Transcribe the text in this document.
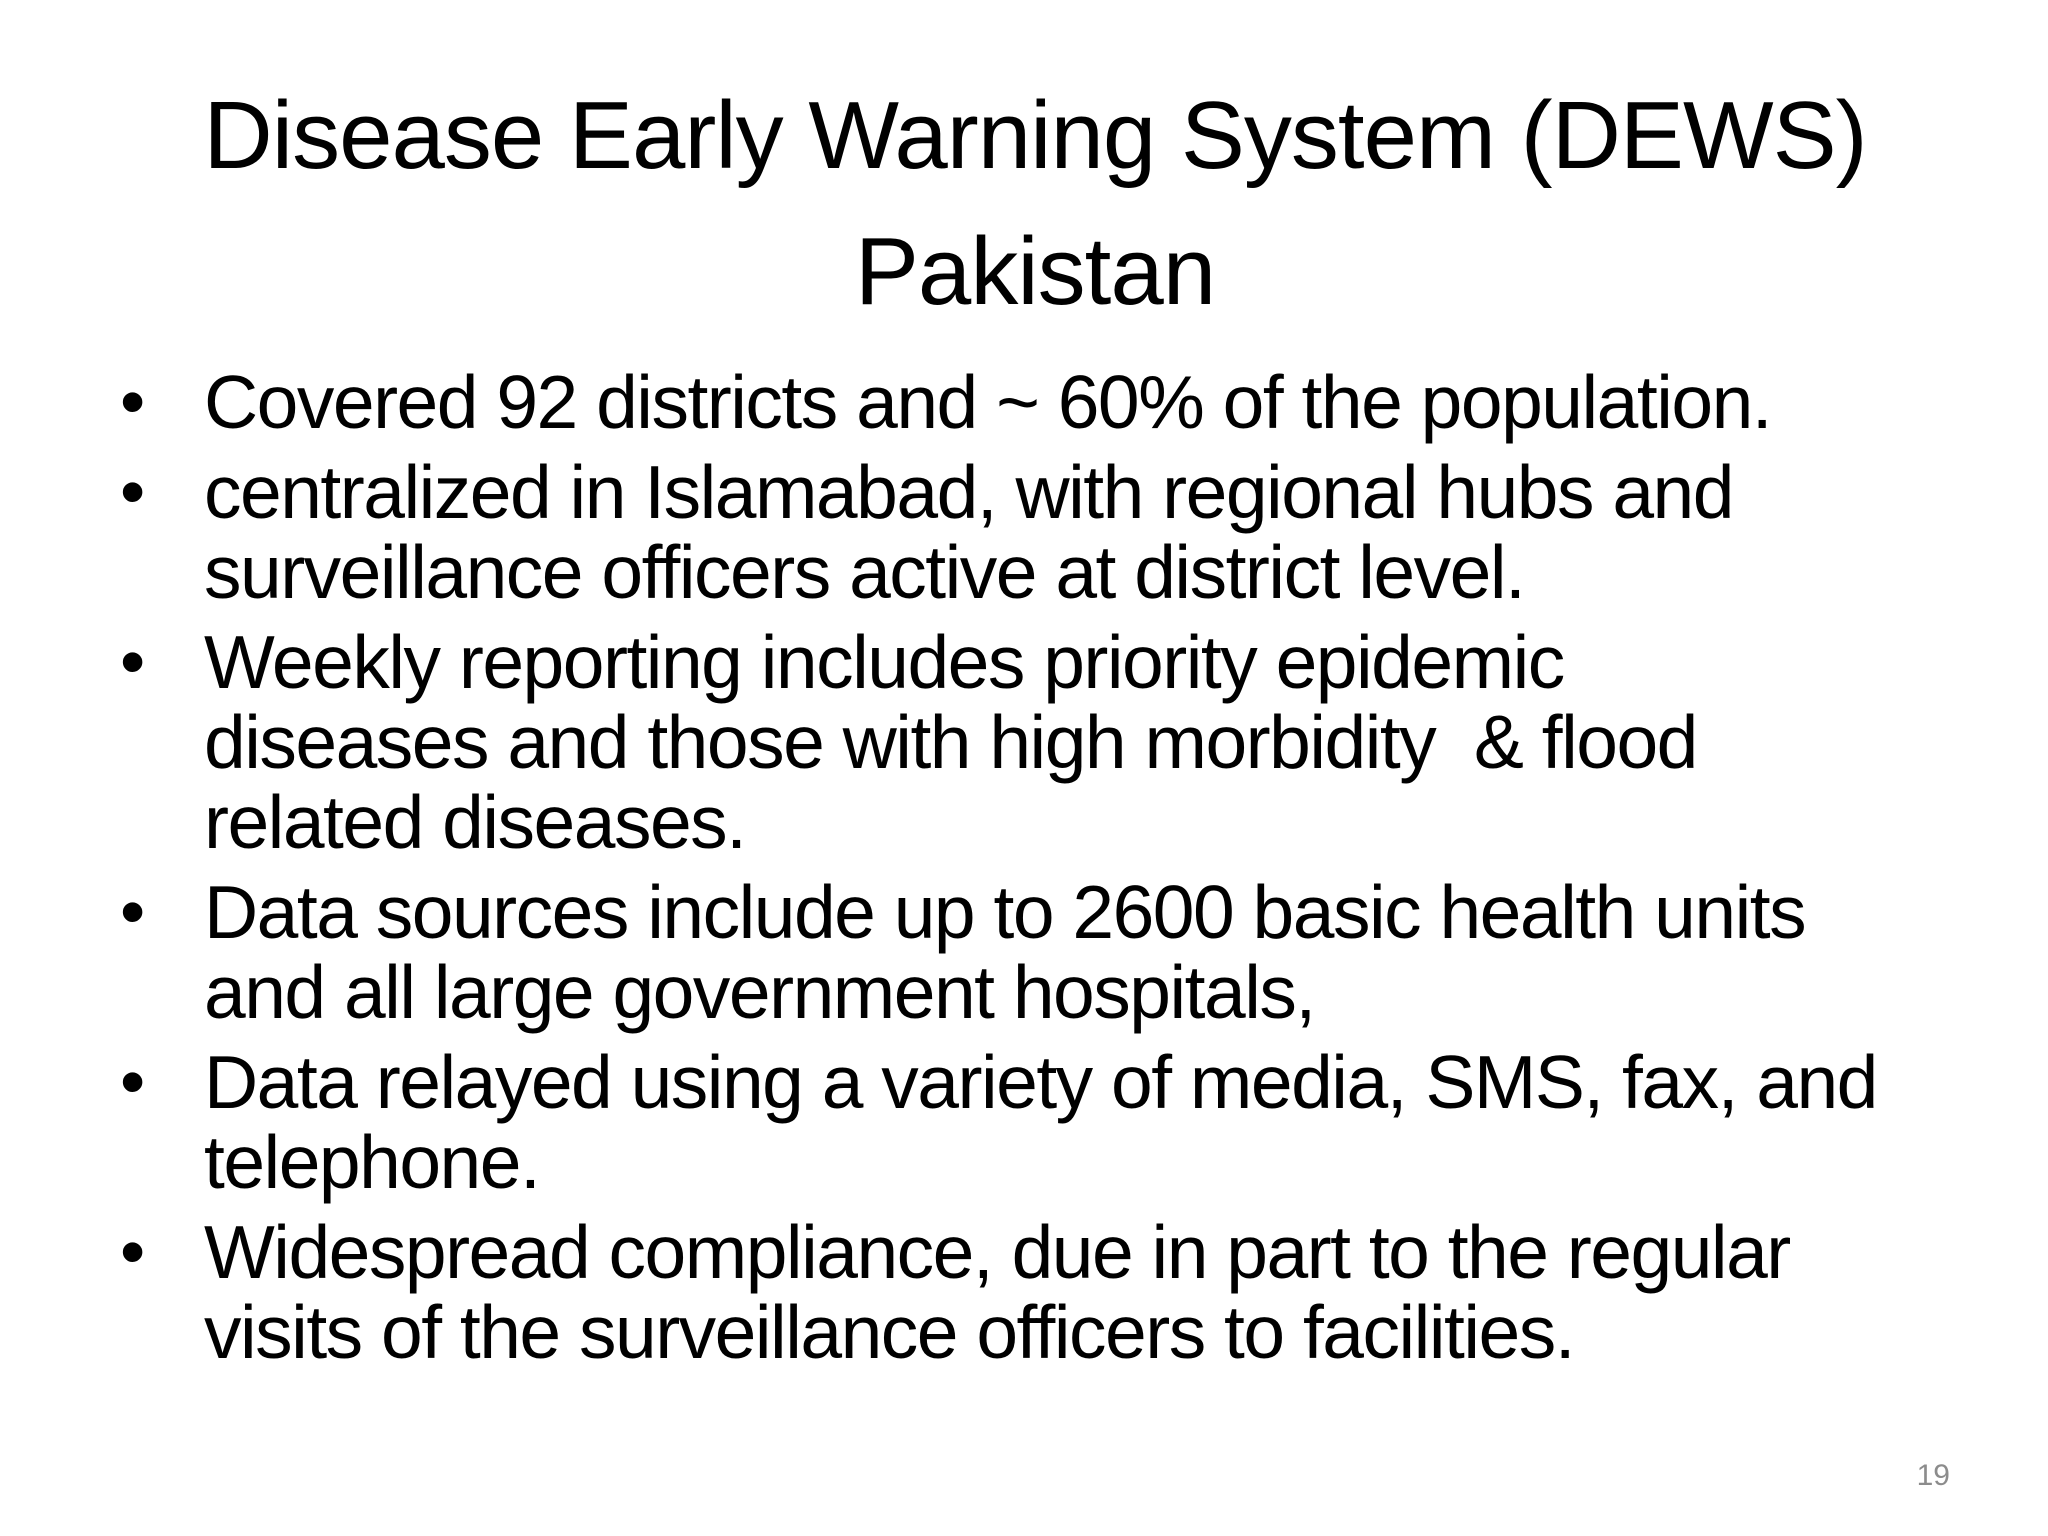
Disease Early Warning System (DEWS)
Pakistan
• Covered 92 districts and ~ 60% of the population.
• centralized in Islamabad, with regional hubs and
surveillance officers active at district level.
• Weekly reporting includes priority epidemic
diseases and those with high morbidity  & flood
related diseases.
• Data sources include up to 2600 basic health units
and all large government hospitals,
• Data relayed using a variety of media, SMS, fax, and
telephone.
• Widespread compliance, due in part to the regular
visits of the surveillance officers to facilities.
19
